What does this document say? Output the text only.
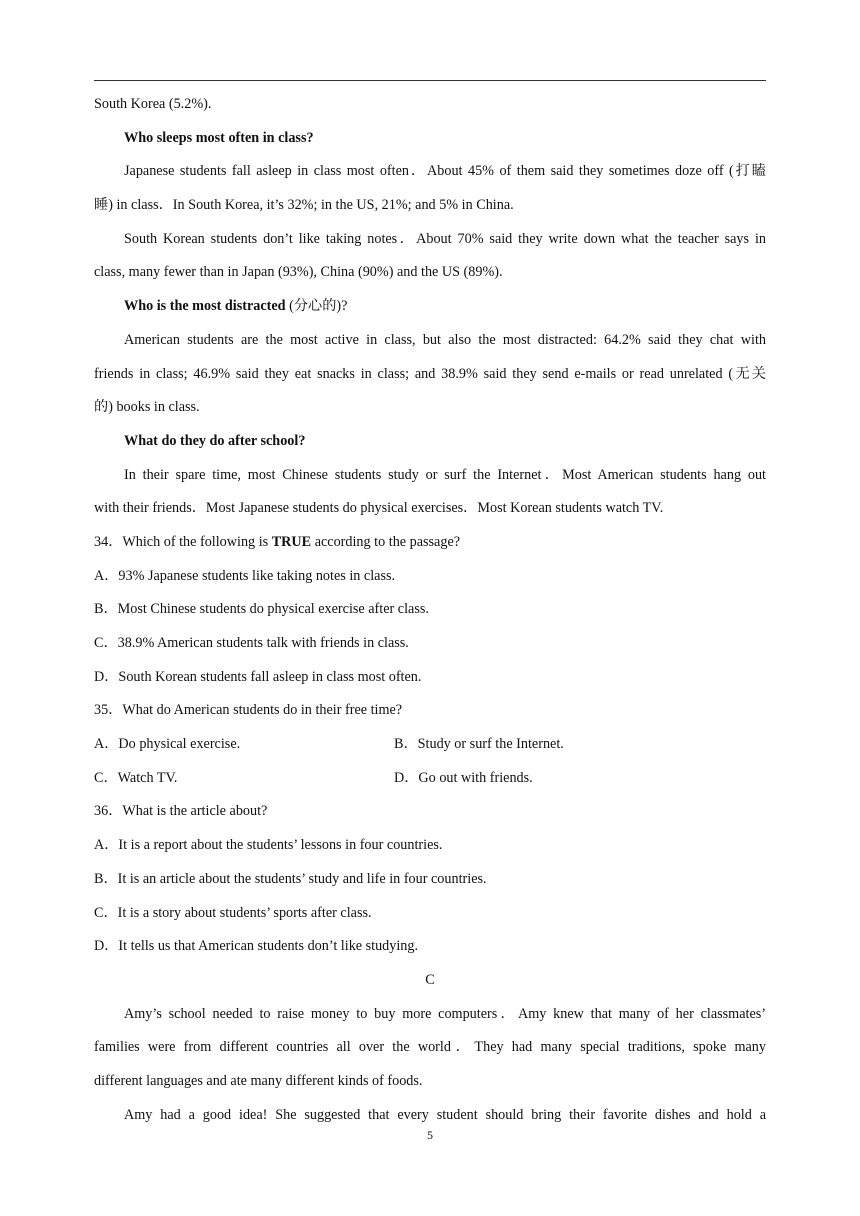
South Korea (5.2%).
Who sleeps most often in class?
Japanese students fall asleep in class most often．About 45% of them said they sometimes doze off (打瞌
睡) in class．In South Korea, it’s 32%; in the US, 21%; and 5% in China.
South Korean students don’t like taking notes．About 70% said they write down what the teacher says in
class, many fewer than in Japan (93%), China (90%) and the US (89%).
Who is the most distracted (分心的)?
American students are the most active in class, but also the most distracted: 64.2% said they chat with
friends in class; 46.9% said they eat snacks in class; and 38.9% said they send e-mails or read unrelated (无关
的) books in class.
What do they do after school?
In their spare time, most Chinese students study or surf the Internet．Most American students hang out
with their friends．Most Japanese students do physical exercises．Most Korean students watch TV.
34．Which of the following is TRUE according to the passage?
A．93% Japanese students like taking notes in class.
B．Most Chinese students do physical exercise after class.
C．38.9% American students talk with friends in class.
D．South Korean students fall asleep in class most often.
35．What do American students do in their free time?
A．Do physical exercise.	B．Study or surf the Internet.
C．Watch TV.	D．Go out with friends.
36．What is the article about?
A．It is a report about the students’ lessons in four countries.
B．It is an article about the students’ study and life in four countries.
C．It is a story about students’ sports after class.
D．It tells us that American students don’t like studying.
C
Amy’s school needed to raise money to buy more computers．Amy knew that many of her classmates’
families were from different countries all over the world．They had many special traditions, spoke many
different languages and ate many different kinds of foods.
Amy had a good idea! She suggested that every student should bring their favorite dishes and hold a
5
